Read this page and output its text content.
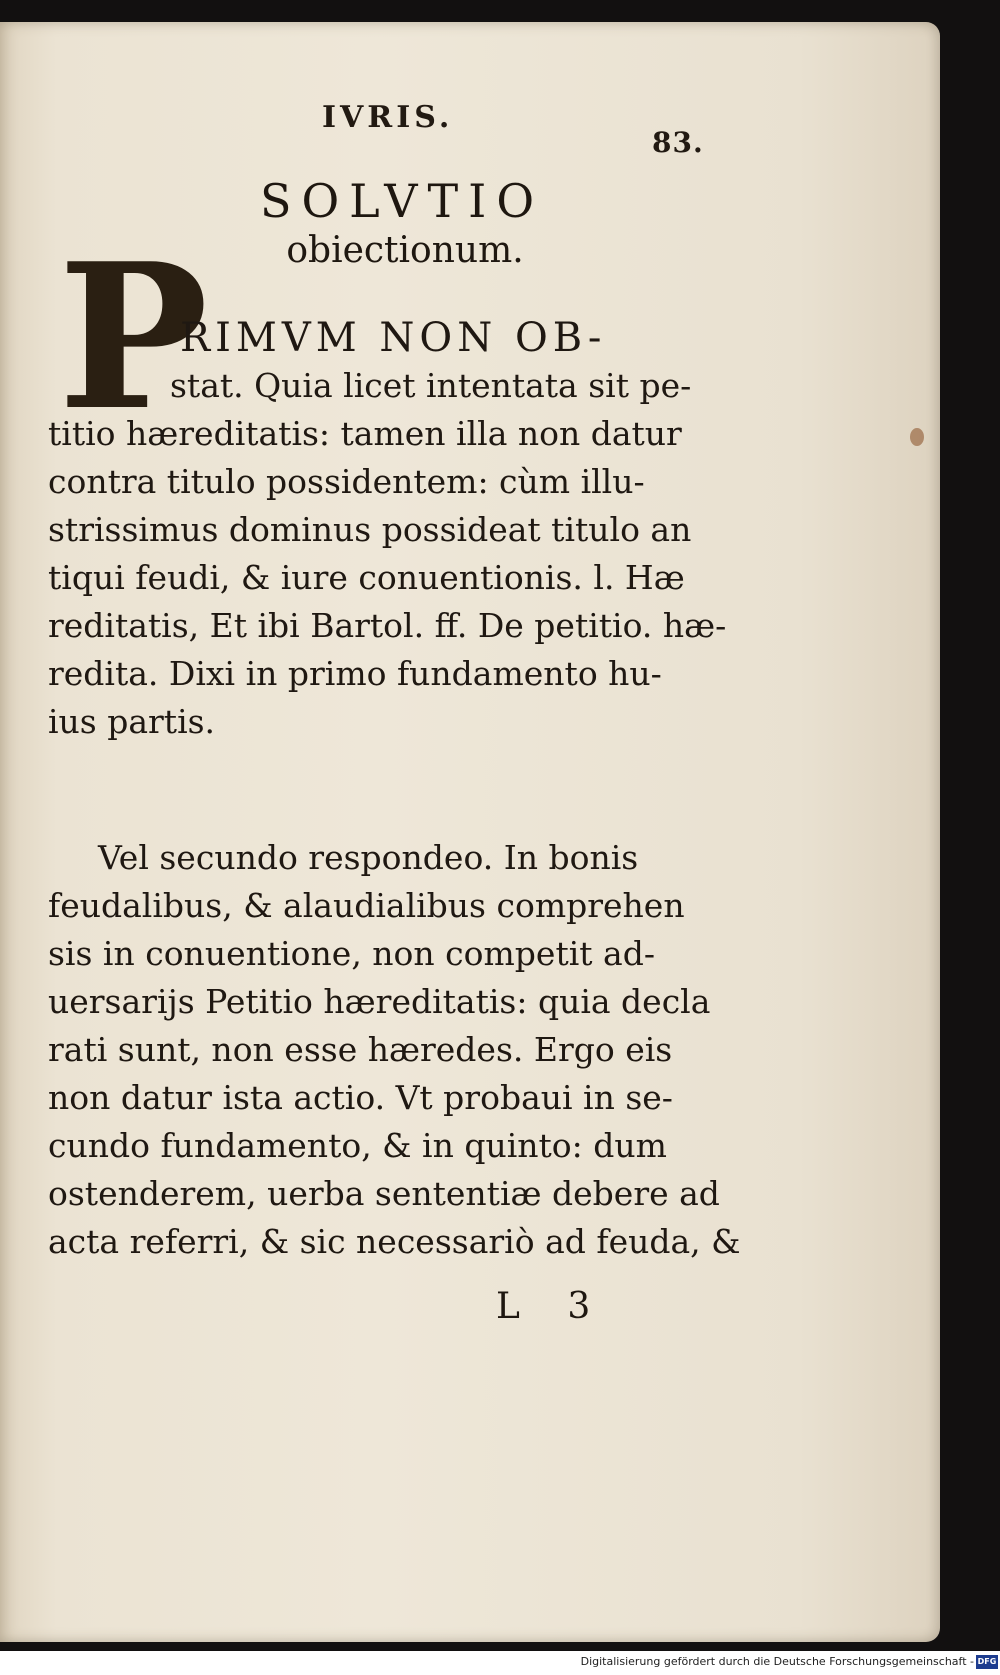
IVRIS.
83.
SOLVTIO
obiectionum.
P
RIMVM NON OB-
stat. Quia licet intentata sit pe-
titio hæreditatis: tamen illa non datur
contra titulo possidentem: cùm illu-
strissimus dominus possideat titulo an
tiqui feudi, & iure conuentionis. l. Hæ
reditatis, Et ibi Bartol. ff. De petitio. hæ-
redita. Dixi in primo fundamento hu-
ius partis.
Vel secundo respondeo. In bonis
feudalibus, & alaudialibus comprehen
sis in conuentione, non competit ad-
uersarijs Petitio hæreditatis: quia decla
rati sunt, non esse hæredes. Ergo eis
non datur ista actio. Vt probaui in se-
cundo fundamento, & in quinto: dum
ostenderem, uerba sententiæ debere ad
acta referri, & sic necessariò ad feuda, &
L 3
Digitalisierung gefördert durch die Deutsche Forschungsgemeinschaft - DFG
